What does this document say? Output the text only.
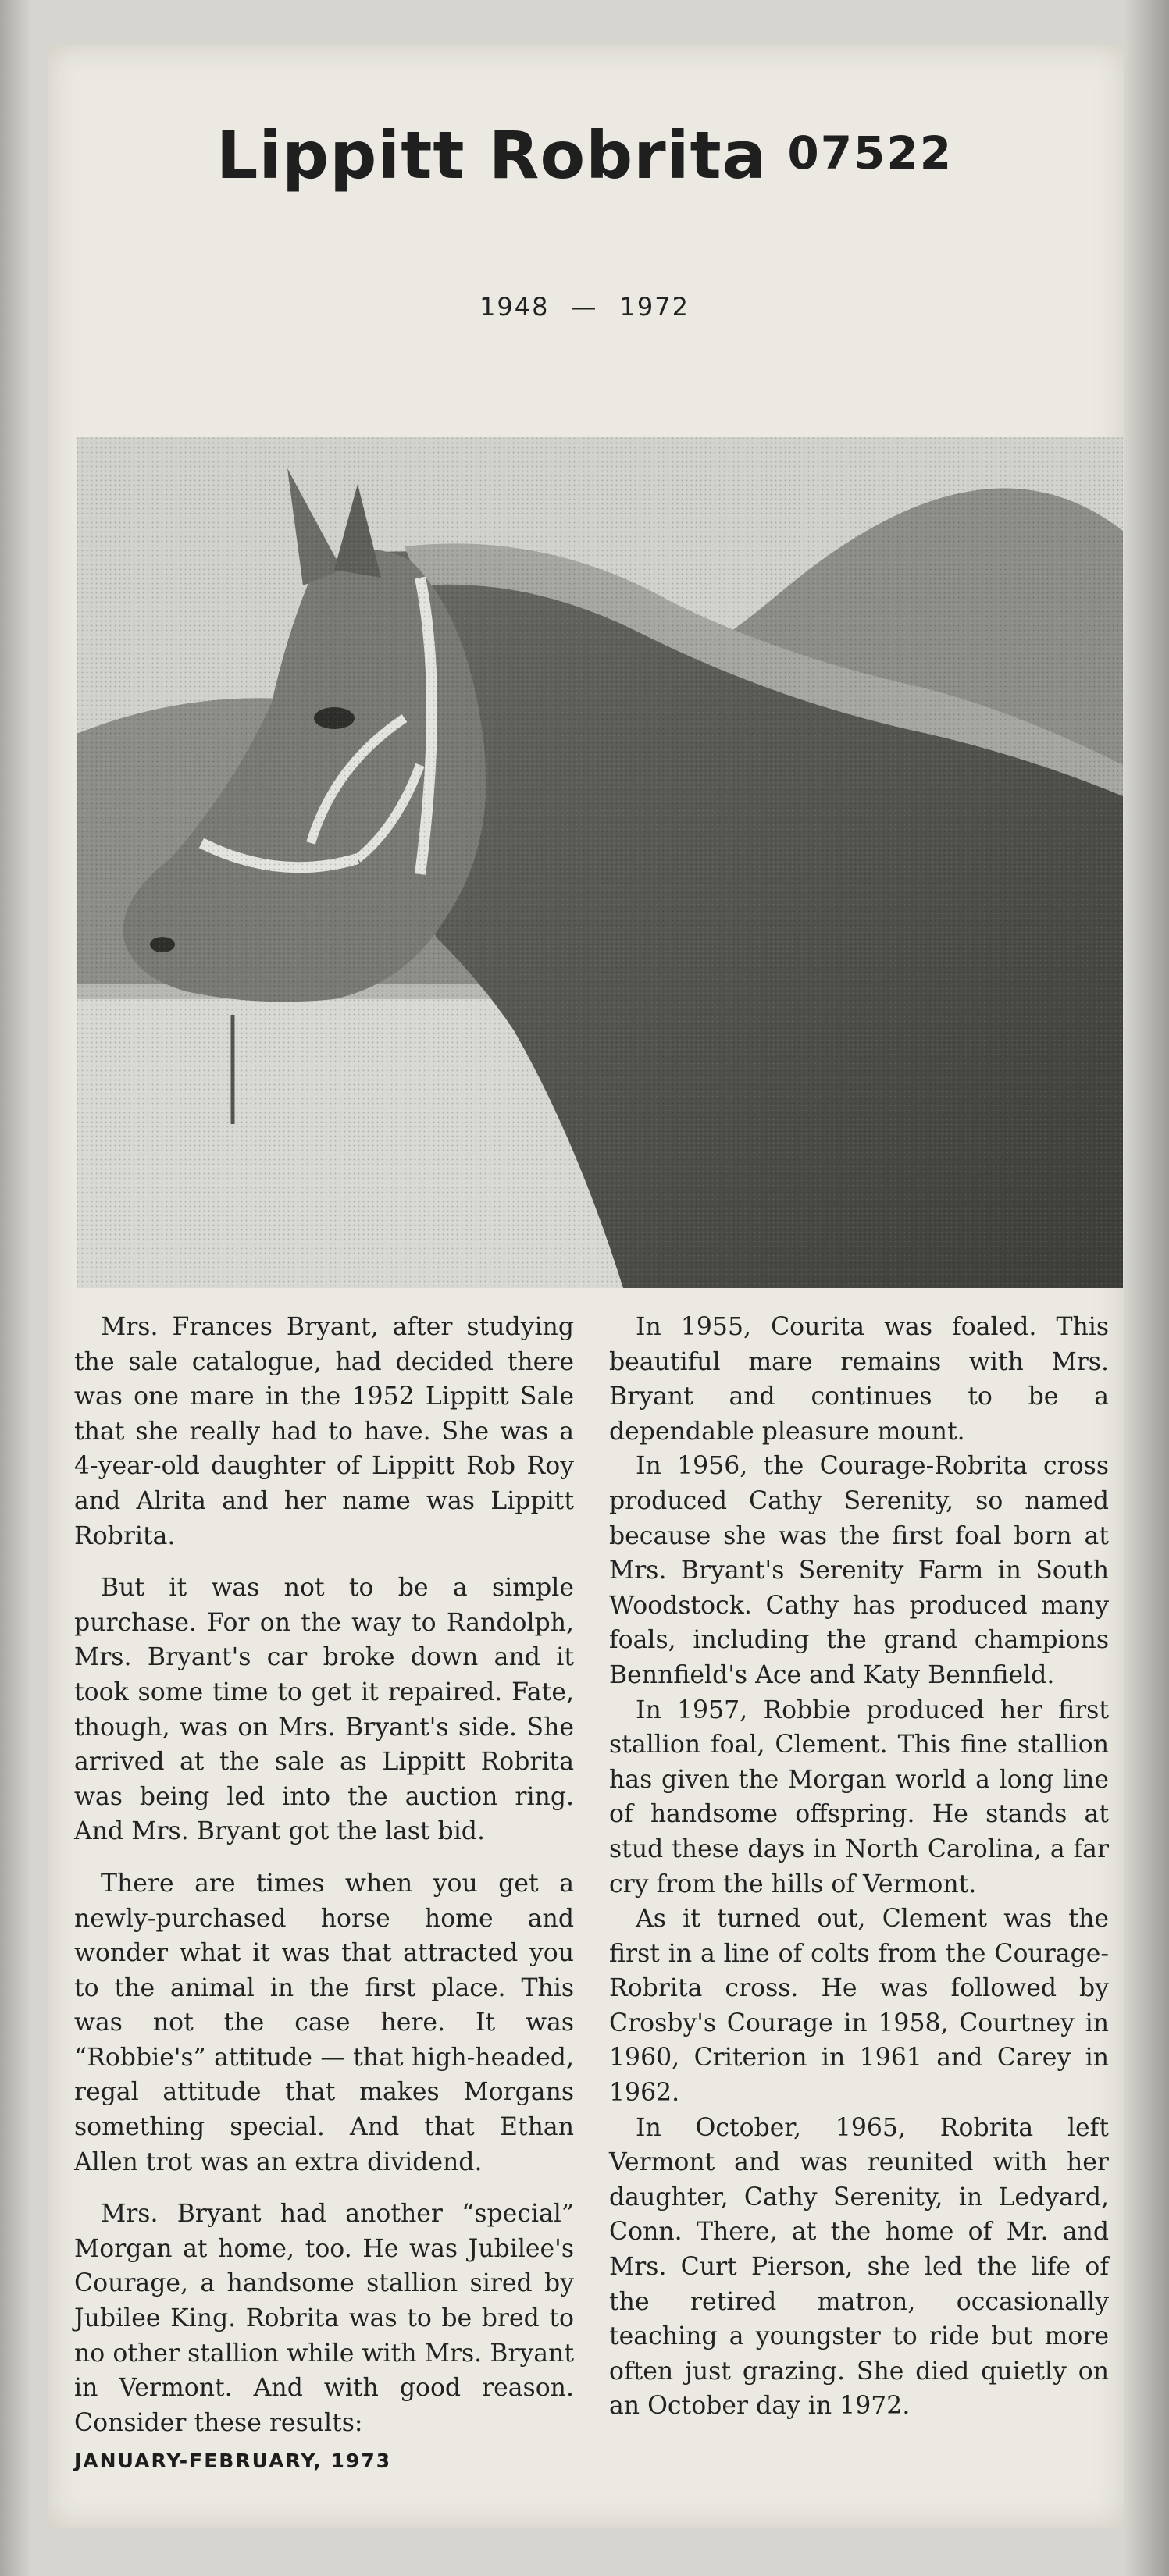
Lippitt Robrita 07522
1948 — 1972

Mrs. Frances Bryant, after studying the sale catalogue, had decided there was one mare in the 1952 Lippitt Sale that she really had to have. She was a 4-year-old daughter of Lippitt Rob Roy and Alrita and her name was Lippitt Robrita.

But it was not to be a simple purchase. For on the way to Randolph, Mrs. Bryant's car broke down and it took some time to get it repaired. Fate, though, was on Mrs. Bryant's side. She arrived at the sale as Lippitt Robrita was being led into the auction ring. And Mrs. Bryant got the last bid.

There are times when you get a newly-purchased horse home and wonder what it was that attracted you to the animal in the first place. This was not the case here. It was “Robbie's” attitude — that high-headed, regal attitude that makes Morgans something special. And that Ethan Allen trot was an extra dividend.

Mrs. Bryant had another “special” Morgan at home, too. He was Jubilee's Courage, a handsome stallion sired by Jubilee King. Robrita was to be bred to no other stallion while with Mrs. Bryant in Vermont. And with good reason. Consider these results:

In 1955, Courita was foaled. This beautiful mare remains with Mrs. Bryant and continues to be a dependable pleasure mount.

In 1956, the Courage-Robrita cross produced Cathy Serenity, so named because she was the first foal born at Mrs. Bryant's Serenity Farm in South Woodstock. Cathy has produced many foals, including the grand champions Bennfield's Ace and Katy Bennfield.

In 1957, Robbie produced her first stallion foal, Clement. This fine stallion has given the Morgan world a long line of handsome offspring. He stands at stud these days in North Carolina, a far cry from the hills of Vermont.

As it turned out, Clement was the first in a line of colts from the Courage-Robrita cross. He was followed by Crosby's Courage in 1958, Courtney in 1960, Criterion in 1961 and Carey in 1962.

In October, 1965, Robrita left Vermont and was reunited with her daughter, Cathy Serenity, in Ledyard, Conn. There, at the home of Mr. and Mrs. Curt Pierson, she led the life of the retired matron, occasionally teaching a youngster to ride but more often just grazing. She died quietly on an October day in 1972.

JANUARY-FEBRUARY, 1973
